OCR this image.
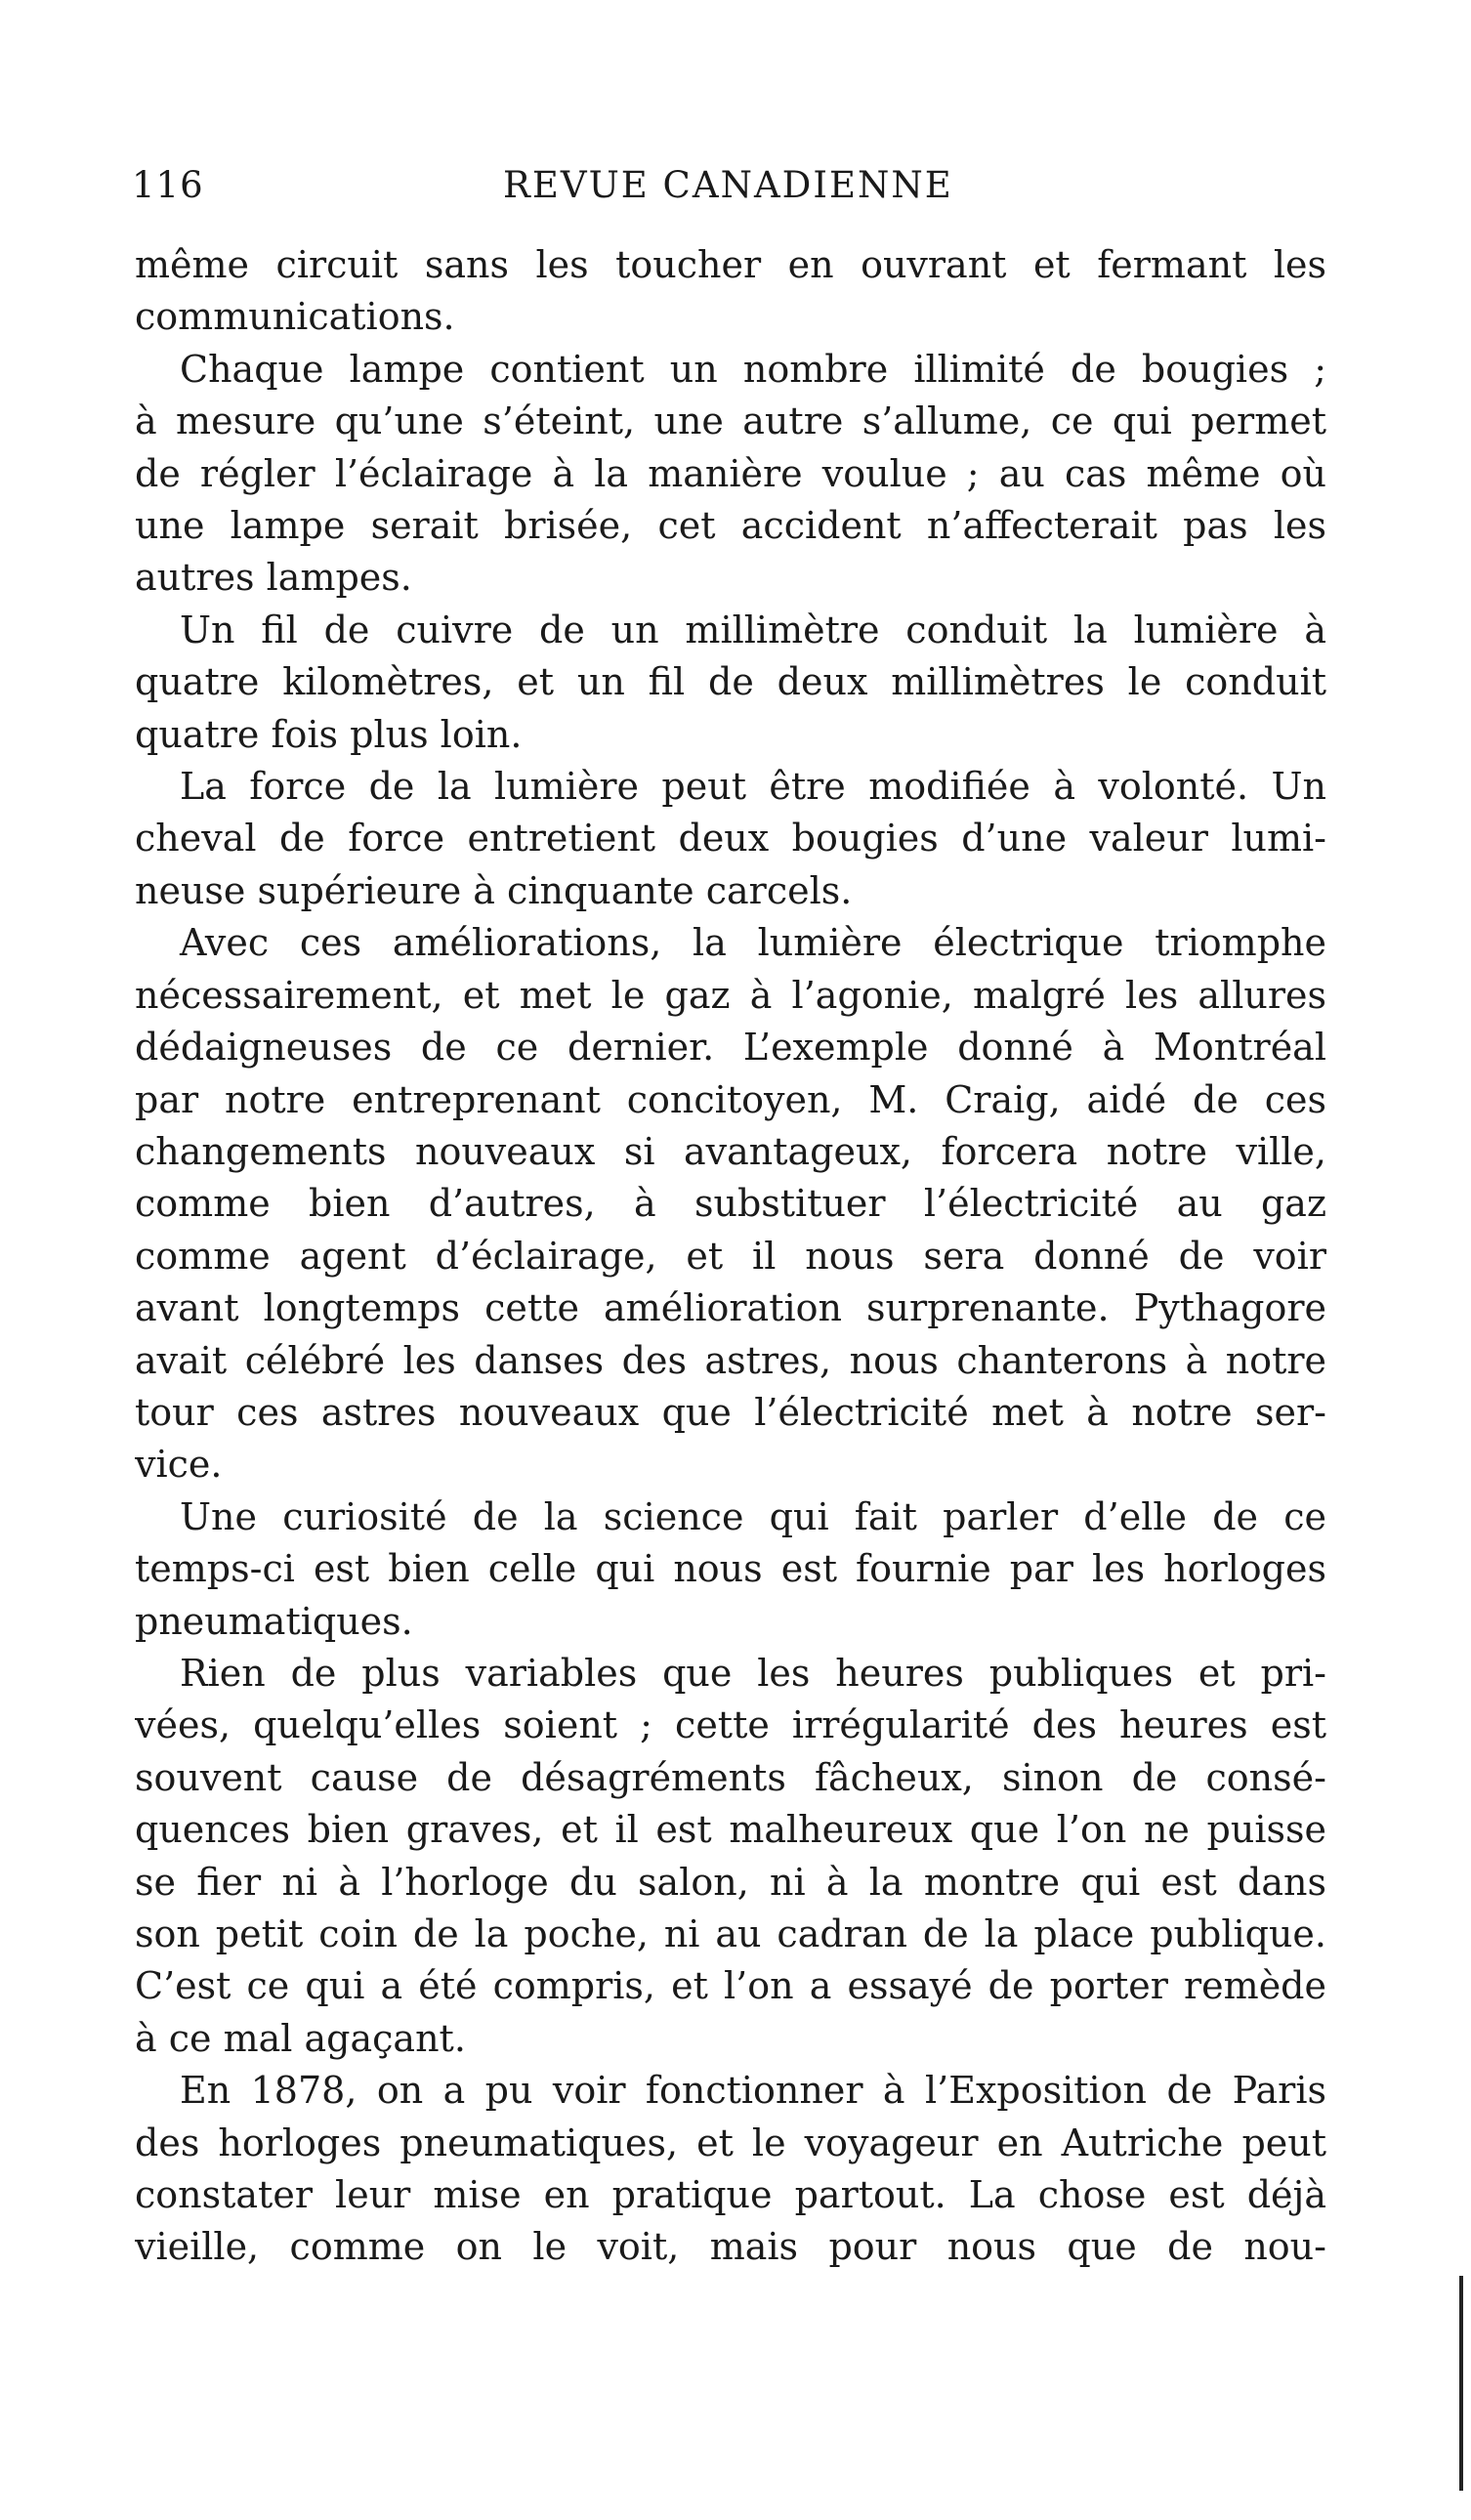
116	REVUE CANADIENNE

même circuit sans les toucher en ouvrant et fermant les
communications.

Chaque lampe contient un nombre illimité de bougies ;
à mesure qu’une s’éteint, une autre s’allume, ce qui permet
de régler l’éclairage à la manière voulue ; au cas même où
une lampe serait brisée, cet accident n’affecterait pas les
autres lampes.

Un fil de cuivre de un millimètre conduit la lumière à
quatre kilomètres, et un fil de deux millimètres le conduit
quatre fois plus loin.

La force de la lumière peut être modifiée à volonté. Un
cheval de force entretient deux bougies d’une valeur lumi-
neuse supérieure à cinquante carcels.

Avec ces améliorations, la lumière électrique triomphe
nécessairement, et met le gaz à l’agonie, malgré les allures
dédaigneuses de ce dernier. L’exemple donné à Montréal
par notre entreprenant concitoyen, M. Craig, aidé de ces
changements nouveaux si avantageux, forcera notre ville,
comme bien d’autres, à substituer l’électricité au gaz
comme agent d’éclairage, et il nous sera donné de voir
avant longtemps cette amélioration surprenante. Pythagore
avait célébré les danses des astres, nous chanterons à notre
tour ces astres nouveaux que l’électricité met à notre ser-
vice.

Une curiosité de la science qui fait parler d’elle de ce
temps-ci est bien celle qui nous est fournie par les horloges
pneumatiques.

Rien de plus variables que les heures publiques et pri-
vées, quelqu’elles soient ; cette irrégularité des heures est
souvent cause de désagréments fâcheux, sinon de consé-
quences bien graves, et il est malheureux que l’on ne puisse
se fier ni à l’horloge du salon, ni à la montre qui est dans
son petit coin de la poche, ni au cadran de la place publique.
C’est ce qui a été compris, et l’on a essayé de porter remède
à ce mal agaçant.

En 1878, on a pu voir fonctionner à l’Exposition de Paris
des horloges pneumatiques, et le voyageur en Autriche peut
constater leur mise en pratique partout. La chose est déjà
vieille, comme on le voit, mais pour nous que de nou-
